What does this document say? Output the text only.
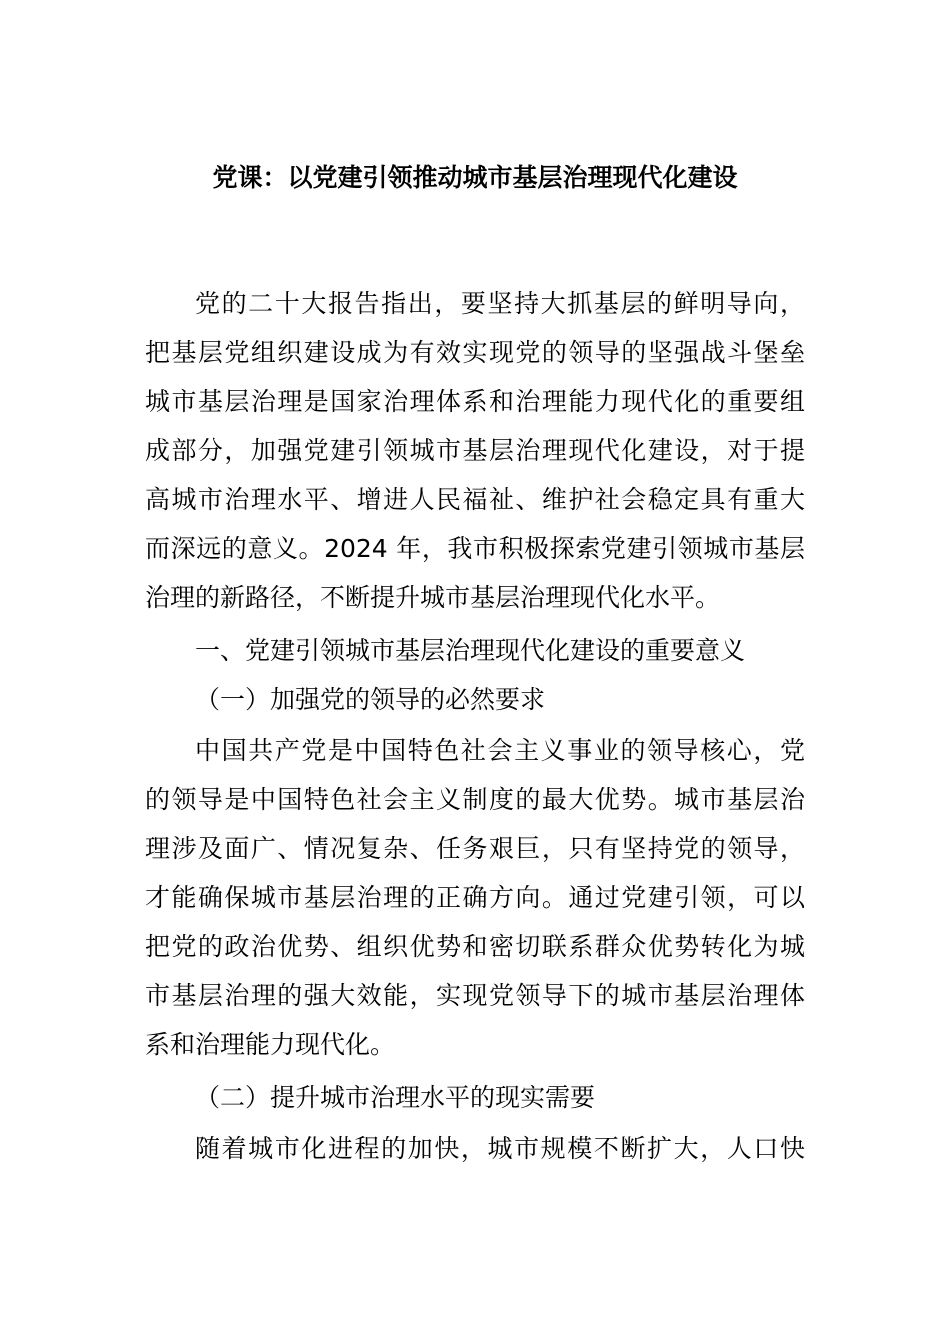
党课：以党建引领推动城市基层治理现代化建设
党的二十大报告指出，要坚持大抓基层的鲜明导向，
把基层党组织建设成为有效实现党的领导的坚强战斗堡垒
城市基层治理是国家治理体系和治理能力现代化的重要组
成部分，加强党建引领城市基层治理现代化建设，对于提
高城市治理水平、增进人民福祉、维护社会稳定具有重大
而深远的意义。2024 年，我市积极探索党建引领城市基层
治理的新路径，不断提升城市基层治理现代化水平。
一、党建引领城市基层治理现代化建设的重要意义
（一）加强党的领导的必然要求
中国共产党是中国特色社会主义事业的领导核心，党
的领导是中国特色社会主义制度的最大优势。城市基层治
理涉及面广、情况复杂、任务艰巨，只有坚持党的领导，
才能确保城市基层治理的正确方向。通过党建引领，可以
把党的政治优势、组织优势和密切联系群众优势转化为城
市基层治理的强大效能，实现党领导下的城市基层治理体
系和治理能力现代化。
（二）提升城市治理水平的现实需要
随着城市化进程的加快，城市规模不断扩大，人口快
